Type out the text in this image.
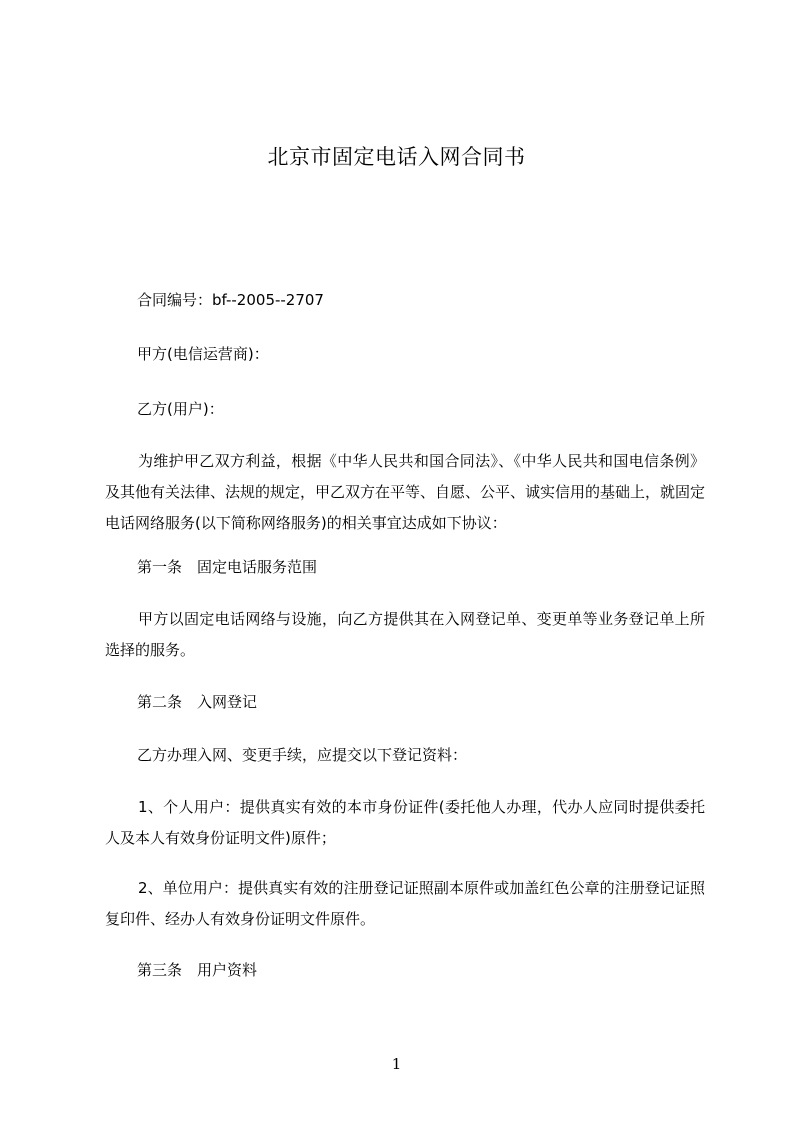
北京市固定电话入网合同书
合同编号：bf--2005--2707
甲方(电信运营商)：
乙方(用户)：
为维护甲乙双方利益，根据《中华人民共和国合同法》、《中华人民共和国电信条例》及其他有关法律、法规的规定，甲乙双方在平等、自愿、公平、诚实信用的基础上，就固定电话网络服务(以下简称网络服务)的相关事宜达成如下协议：
第一条　固定电话服务范围
甲方以固定电话网络与设施，向乙方提供其在入网登记单、变更单等业务登记单上所选择的服务。
第二条　入网登记
乙方办理入网、变更手续，应提交以下登记资料：
1、个人用户：提供真实有效的本市身份证件(委托他人办理，代办人应同时提供委托人及本人有效身份证明文件)原件；
2、单位用户：提供真实有效的注册登记证照副本原件或加盖红色公章的注册登记证照复印件、经办人有效身份证明文件原件。
第三条　用户资料
1
